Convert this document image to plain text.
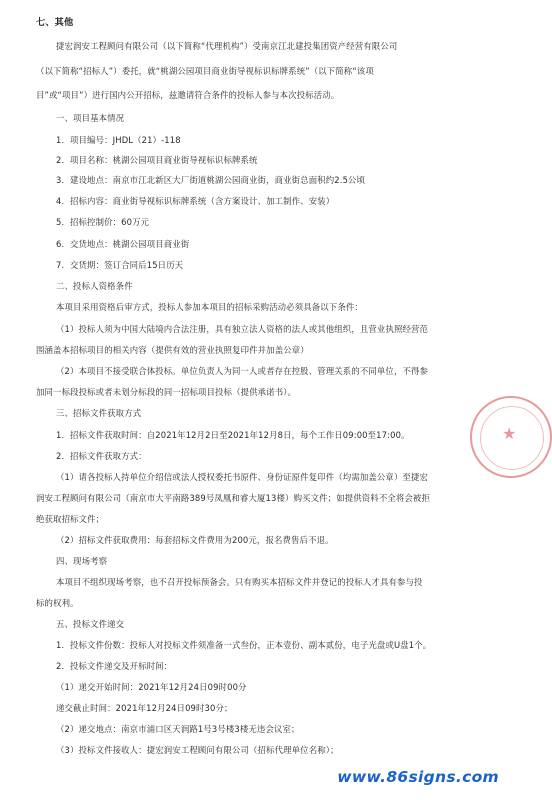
七、其他
捷宏润安工程顾问有限公司（以下简称“代理机构”）受南京江北建投集团资产经营有限公司
（以下简称“招标人”）委托，就“桃湖公园项目商业街导视标识标牌系统”（以下简称“该项
目”或“项目”）进行国内公开招标，兹邀请符合条件的投标人参与本次投标活动。
一、项目基本情况
1．项目编号：JHDL（21）-118
2．项目名称：桃湖公园项目商业街导视标识标牌系统
3．建设地点：南京市江北新区大厂街道桃湖公园商业街，商业街总面积约2.5公顷
4．招标内容：商业街导视标识标牌系统（含方案设计、加工制作、安装）
5．招标控制价：60万元
6．交货地点：桃湖公园项目商业街
7．交货期：签订合同后15日历天
二、投标人资格条件
本项目采用资格后审方式，投标人参加本项目的招标采购活动必须具备以下条件：
（1）投标人须为中国大陆境内合法注册，具有独立法人资格的法人或其他组织，且营业执照经营范
围涵盖本招标项目的相关内容（提供有效的营业执照复印件并加盖公章）
（2）本项目不接受联合体投标。单位负责人为同一人或者存在控股、管理关系的不同单位，不得参
加同一标段投标或者未划分标段的同一招标项目投标（提供承诺书）。
三、招标文件获取方式
1．招标文件获取时间：自2021年12月2日至2021年12月8日，每个工作日09:00至17:00。
2．招标文件获取方式：
（1）请各投标人持单位介绍信或法人授权委托书原件、身份证原件复印件（均需加盖公章）至捷宏
润安工程顾问有限公司（南京市大平南路389号凤凰和睿大厦13楼）购买文件；如提供资料不全将会被拒
绝获取招标文件；
（2）招标文件获取费用：每套招标文件费用为200元，报名费售后不退。
四、现场考察
本项目不组织现场考察，也不召开投标预备会。只有购买本招标文件并登记的投标人才具有参与投
标的权利。
五、投标文件递交
1．投标文件份数：投标人对投标文件须准备一式叁份，正本壹份、副本贰份，电子光盘或U盘1个。
2．投标文件递交及开标时间：
（1）递交开始时间：2021年12月24日09时00分
递交截止时间：2021年12月24日09时30分；
（2）递交地点：南京市浦口区天润路1号3号楼3楼无违会议室；
（3）投标文件接收人：捷宏润安工程顾问有限公司（招标代理单位名称）；
★
www.86signs.com
